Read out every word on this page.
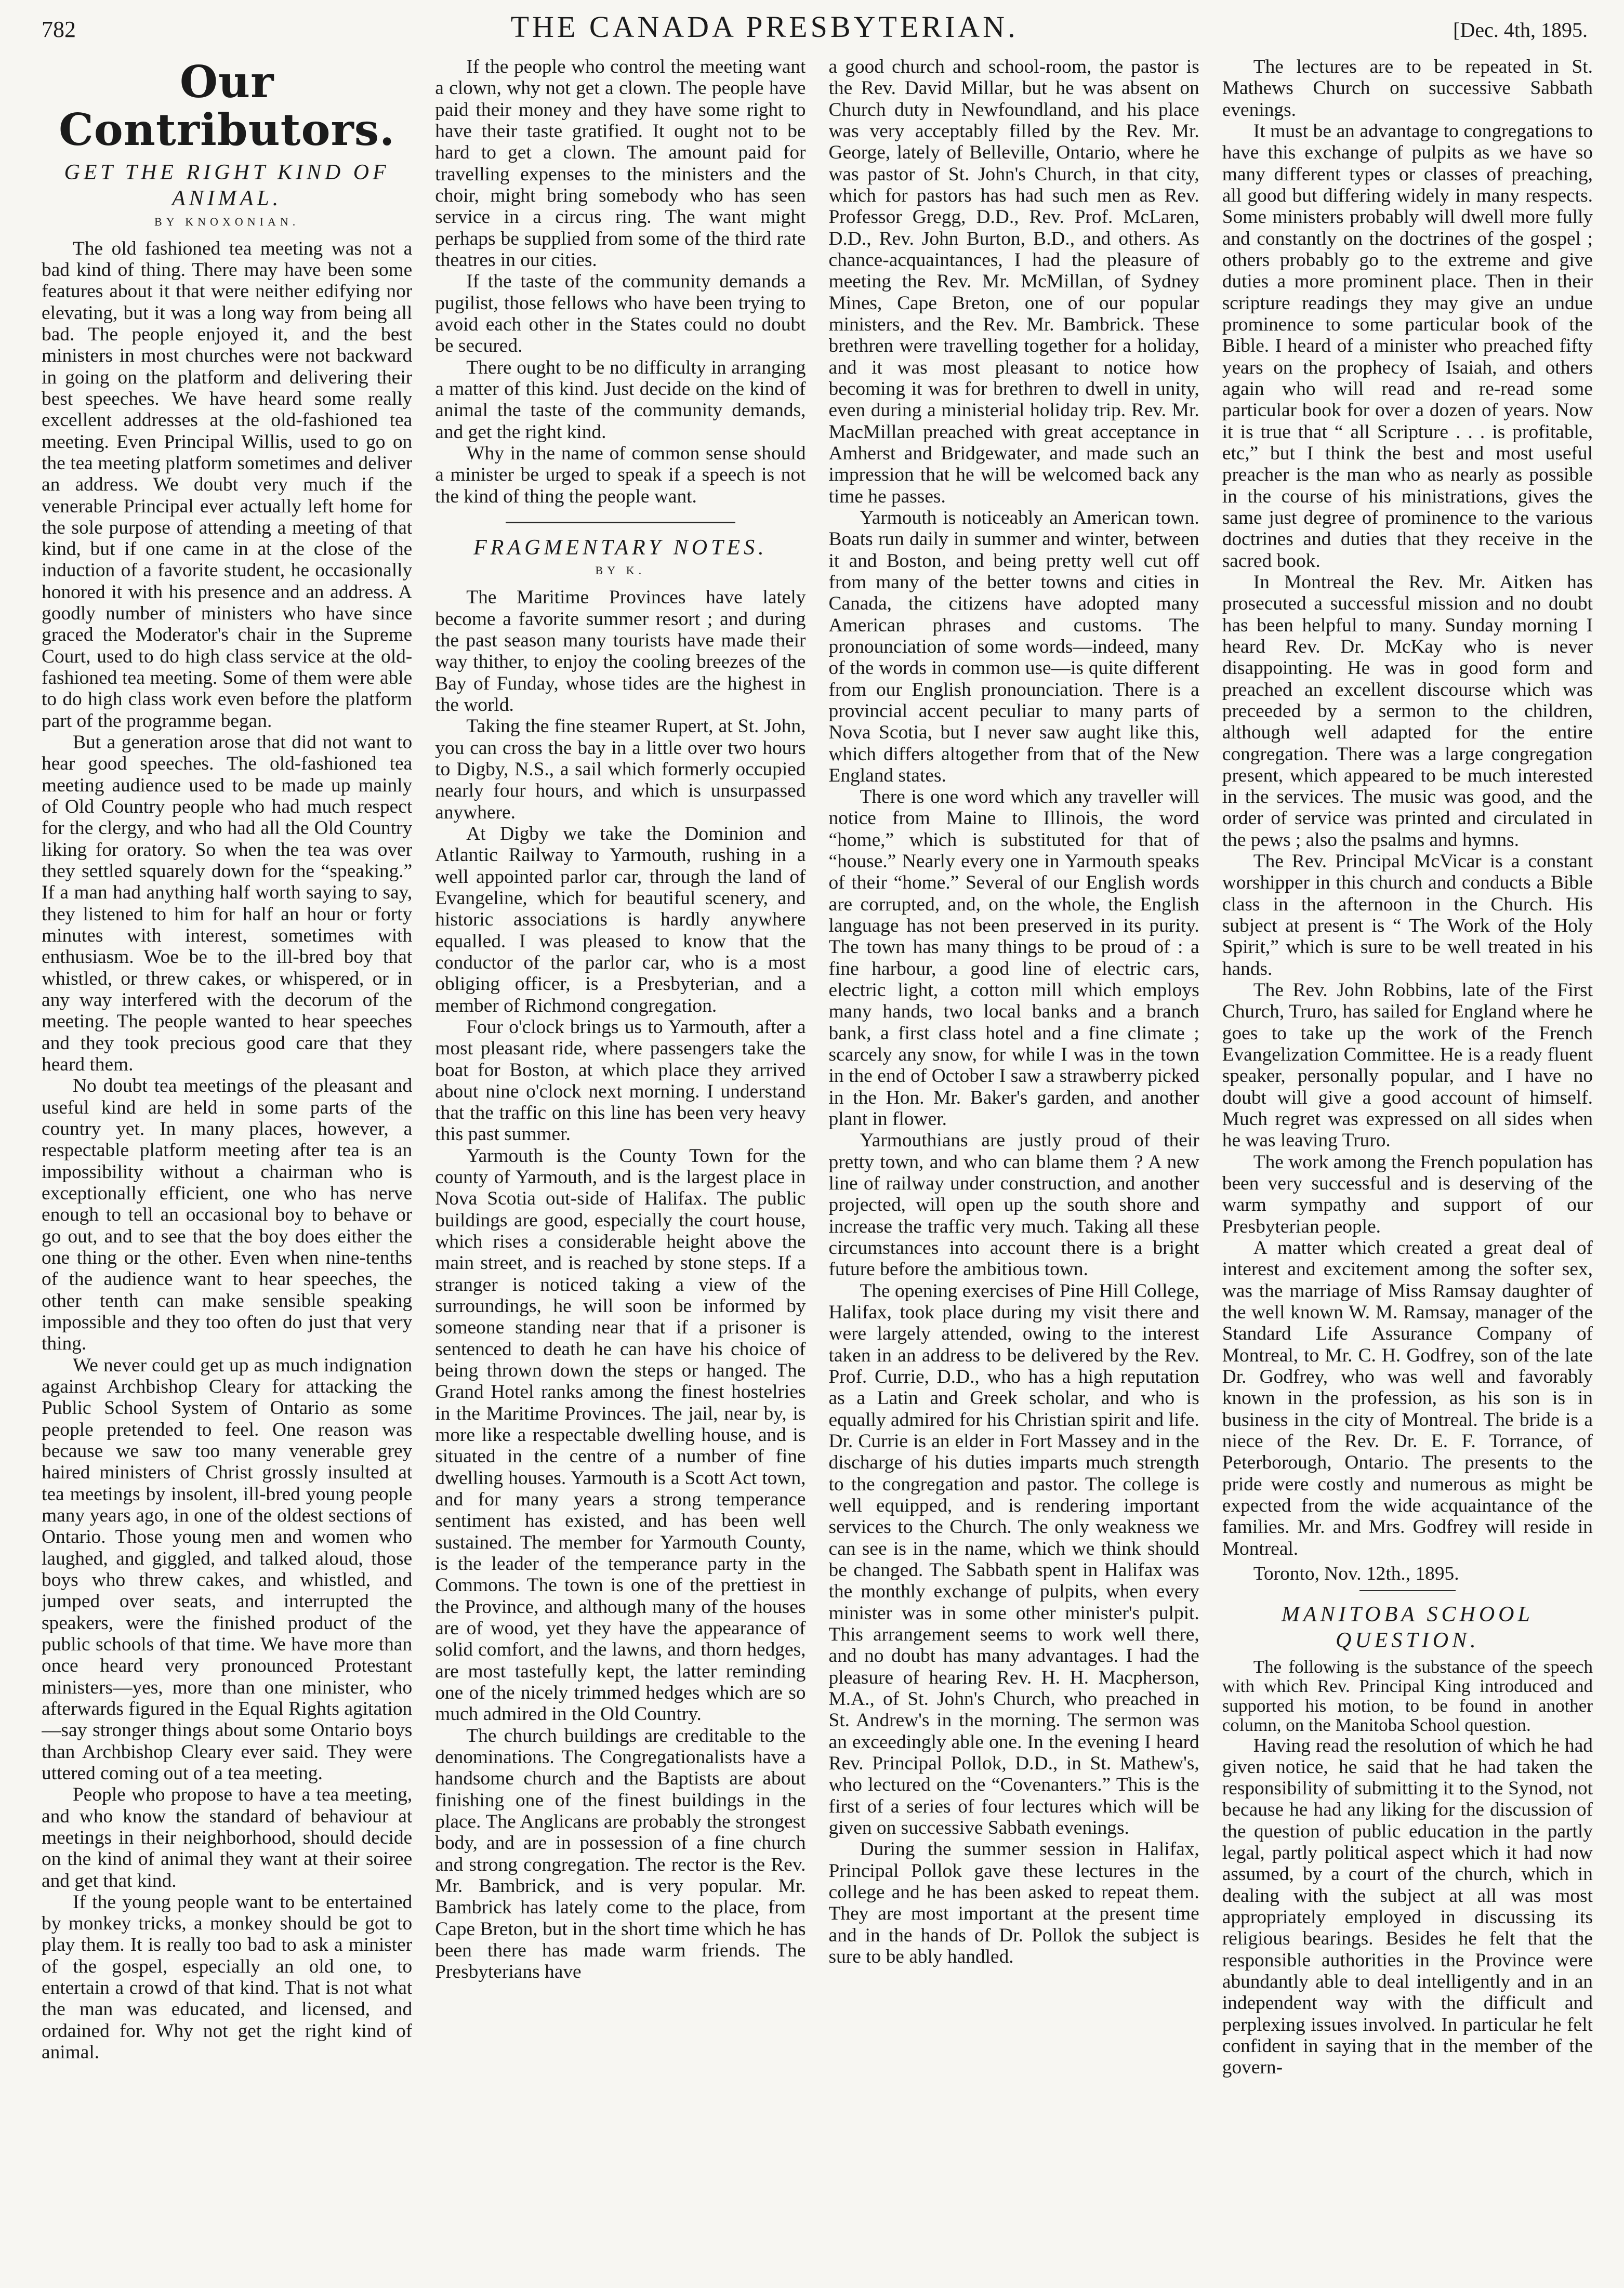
782	THE CANADA PRESBYTERIAN.	[Dec. 4th, 1895.
Our Contributors.
GET THE RIGHT KIND OF ANIMAL.
BY KNOXONIAN.

The old fashioned tea meeting was not a bad kind of thing. There may have been some features about it that were neither edifying nor elevating, but it was a long way from being all bad. The people enjoyed it, and the best ministers in most churches were not backward in going on the platform and delivering their best speeches. We have heard some really excellent addresses at the old-fashioned tea meeting. Even Principal Willis, used to go on the tea meeting platform sometimes and deliver an address. We doubt very much if the venerable Principal ever actually left home for the sole purpose of attending a meeting of that kind, but if one came in at the close of the induction of a favorite student, he occasionally honored it with his presence and an address. A goodly number of ministers who have since graced the Moderator's chair in the Supreme Court, used to do high class service at the old-fashioned tea meeting. Some of them were able to do high class work even before the platform part of the programme began.

But a generation arose that did not want to hear good speeches. The old-fashioned tea meeting audience used to be made up mainly of Old Country people who had much respect for the clergy, and who had all the Old Country liking for oratory. So when the tea was over they settled squarely down for the “speaking.” If a man had anything half worth saying to say, they listened to him for half an hour or forty minutes with interest, sometimes with enthusiasm. Woe be to the ill-bred boy that whistled, or threw cakes, or whispered, or in any way interfered with the decorum of the meeting. The people wanted to hear speeches and they took precious good care that they heard them.

No doubt tea meetings of the pleasant and useful kind are held in some parts of the country yet. In many places, however, a respectable platform meeting after tea is an impossibility without a chairman who is exceptionally efficient, one who has nerve enough to tell an occasional boy to behave or go out, and to see that the boy does either the one thing or the other. Even when nine-tenths of the audience want to hear speeches, the other tenth can make sensible speaking impossible and they too often do just that very thing.

We never could get up as much indignation against Archbishop Cleary for attacking the Public School System of Ontario as some people pretended to feel. One reason was because we saw too many venerable grey haired ministers of Christ grossly insulted at tea meetings by insolent, ill-bred young people many years ago, in one of the oldest sections of Ontario. Those young men and women who laughed, and giggled, and talked aloud, those boys who threw cakes, and whistled, and jumped over seats, and interrupted the speakers, were the finished product of the public schools of that time. We have more than once heard very pronounced Protestant ministers—yes, more than one minister, who afterwards figured in the Equal Rights agitation—say stronger things about some Ontario boys than Archbishop Cleary ever said. They were uttered coming out of a tea meeting.

People who propose to have a tea meeting, and who know the standard of behaviour at meetings in their neighborhood, should decide on the kind of animal they want at their soiree and get that kind.

If the young people want to be entertained by monkey tricks, a monkey should be got to play them. It is really too bad to ask a minister of the gospel, especially an old one, to entertain a crowd of that kind. That is not what the man was educated, and licensed, and ordained for. Why not get the right kind of animal.

If the people who control the meeting want a clown, why not get a clown. The people have paid their money and they have some right to have their taste gratified. It ought not to be hard to get a clown. The amount paid for travelling expenses to the ministers and the choir, might bring somebody who has seen service in a circus ring. The want might perhaps be supplied from some of the third rate theatres in our cities.

If the taste of the community demands a pugilist, those fellows who have been trying to avoid each other in the States could no doubt be secured.

There ought to be no difficulty in arranging a matter of this kind. Just decide on the kind of animal the taste of the community demands, and get the right kind.

Why in the name of common sense should a minister be urged to speak if a speech is not the kind of thing the people want.

FRAGMENTARY NOTES.
BY K.

The Maritime Provinces have lately become a favorite summer resort ; and during the past season many tourists have made their way thither, to enjoy the cooling breezes of the Bay of Funday, whose tides are the highest in the world.

Taking the fine steamer Rupert, at St. John, you can cross the bay in a little over two hours to Digby, N.S., a sail which formerly occupied nearly four hours, and which is unsurpassed anywhere.

At Digby we take the Dominion and Atlantic Railway to Yarmouth, rushing in a well appointed parlor car, through the land of Evangeline, which for beautiful scenery, and historic associations is hardly anywhere equalled. I was pleased to know that the conductor of the parlor car, who is a most obliging officer, is a Presbyterian, and a member of Richmond congregation.

Four o'clock brings us to Yarmouth, after a most pleasant ride, where passengers take the boat for Boston, at which place they arrived about nine o'clock next morning. I understand that the traffic on this line has been very heavy this past summer.

Yarmouth is the County Town for the county of Yarmouth, and is the largest place in Nova Scotia out-side of Halifax. The public buildings are good, especially the court house, which rises a considerable height above the main street, and is reached by stone steps. If a stranger is noticed taking a view of the surroundings, he will soon be informed by someone standing near that if a prisoner is sentenced to death he can have his choice of being thrown down the steps or hanged. The Grand Hotel ranks among the finest hostelries in the Maritime Provinces. The jail, near by, is more like a respectable dwelling house, and is situated in the centre of a number of fine dwelling houses. Yarmouth is a Scott Act town, and for many years a strong temperance sentiment has existed, and has been well sustained. The member for Yarmouth County, is the leader of the temperance party in the Commons. The town is one of the prettiest in the Province, and although many of the houses are of wood, yet they have the appearance of solid comfort, and the lawns, and thorn hedges, are most tastefully kept, the latter reminding one of the nicely trimmed hedges which are so much admired in the Old Country.

The church buildings are creditable to the denominations. The Congregationalists have a handsome church and the Baptists are about finishing one of the finest buildings in the place. The Anglicans are probably the strongest body, and are in possession of a fine church and strong congregation. The rector is the Rev. Mr. Bambrick, and is very popular. Mr. Bambrick has lately come to the place, from Cape Breton, but in the short time which he has been there has made warm friends. The Presbyterians have

a good church and school-room, the pastor is the Rev. David Millar, but he was absent on Church duty in Newfoundland, and his place was very acceptably filled by the Rev. Mr. George, lately of Belleville, Ontario, where he was pastor of St. John's Church, in that city, which for pastors has had such men as Rev. Professor Gregg, D.D., Rev. Prof. McLaren, D.D., Rev. John Burton, B.D., and others. As chance-acquaintances, I had the pleasure of meeting the Rev. Mr. McMillan, of Sydney Mines, Cape Breton, one of our popular ministers, and the Rev. Mr. Bambrick. These brethren were travelling together for a holiday, and it was most pleasant to notice how becoming it was for brethren to dwell in unity, even during a ministerial holiday trip. Rev. Mr. MacMillan preached with great acceptance in Amherst and Bridgewater, and made such an impression that he will be welcomed back any time he passes.

Yarmouth is noticeably an American town. Boats run daily in summer and winter, between it and Boston, and being pretty well cut off from many of the better towns and cities in Canada, the citizens have adopted many American phrases and customs. The pronounciation of some words—indeed, many of the words in common use—is quite different from our English pronounciation. There is a provincial accent peculiar to many parts of Nova Scotia, but I never saw aught like this, which differs altogether from that of the New England states.

There is one word which any traveller will notice from Maine to Illinois, the word “home,” which is substituted for that of “house.” Nearly every one in Yarmouth speaks of their “home.” Several of our English words are corrupted, and, on the whole, the English language has not been preserved in its purity. The town has many things to be proud of : a fine harbour, a good line of electric cars, electric light, a cotton mill which employs many hands, two local banks and a branch bank, a first class hotel and a fine climate ; scarcely any snow, for while I was in the town in the end of October I saw a strawberry picked in the Hon. Mr. Baker's garden, and another plant in flower.

Yarmouthians are justly proud of their pretty town, and who can blame them ? A new line of railway under construction, and another projected, will open up the south shore and increase the traffic very much. Taking all these circumstances into account there is a bright future before the ambitious town.

The opening exercises of Pine Hill College, Halifax, took place during my visit there and were largely attended, owing to the interest taken in an address to be delivered by the Rev. Prof. Currie, D.D., who has a high reputation as a Latin and Greek scholar, and who is equally admired for his Christian spirit and life. Dr. Currie is an elder in Fort Massey and in the discharge of his duties imparts much strength to the congregation and pastor. The college is well equipped, and is rendering important services to the Church. The only weakness we can see is in the name, which we think should be changed. The Sabbath spent in Halifax was the monthly exchange of pulpits, when every minister was in some other minister's pulpit. This arrangement seems to work well there, and no doubt has many advantages. I had the pleasure of hearing Rev. H. H. Macpherson, M.A., of St. John's Church, who preached in St. Andrew's in the morning. The sermon was an exceedingly able one. In the evening I heard Rev. Principal Pollok, D.D., in St. Mathew's, who lectured on the “Covenanters.” This is the first of a series of four lectures which will be given on successive Sabbath evenings.

During the summer session in Halifax, Principal Pollok gave these lectures in the college and he has been asked to repeat them. They are most important at the present time and in the hands of Dr. Pollok the subject is sure to be ably handled.

The lectures are to be repeated in St. Mathews Church on successive Sabbath evenings.

It must be an advantage to congregations to have this exchange of pulpits as we have so many different types or classes of preaching, all good but differing widely in many respects. Some ministers probably will dwell more fully and constantly on the doctrines of the gospel ; others probably go to the extreme and give duties a more prominent place. Then in their scripture readings they may give an undue prominence to some particular book of the Bible. I heard of a minister who preached fifty years on the prophecy of Isaiah, and others again who will read and re-read some particular book for over a dozen of years. Now it is true that “ all Scripture . . . is profitable, etc,” but I think the best and most useful preacher is the man who as nearly as possible in the course of his ministrations, gives the same just degree of prominence to the various doctrines and duties that they receive in the sacred book.

In Montreal the Rev. Mr. Aitken has prosecuted a successful mission and no doubt has been helpful to many. Sunday morning I heard Rev. Dr. McKay who is never disappointing. He was in good form and preached an excellent discourse which was preceeded by a sermon to the children, although well adapted for the entire congregation. There was a large congregation present, which appeared to be much interested in the services. The music was good, and the order of service was printed and circulated in the pews ; also the psalms and hymns.

The Rev. Principal McVicar is a constant worshipper in this church and conducts a Bible class in the afternoon in the Church. His subject at present is “ The Work of the Holy Spirit,” which is sure to be well treated in his hands.

The Rev. John Robbins, late of the First Church, Truro, has sailed for England where he goes to take up the work of the French Evangelization Committee. He is a ready fluent speaker, personally popular, and I have no doubt will give a good account of himself. Much regret was expressed on all sides when he was leaving Truro.

The work among the French population has been very successful and is deserving of the warm sympathy and support of our Presbyterian people.

A matter which created a great deal of interest and excitement among the softer sex, was the marriage of Miss Ramsay daughter of the well known W. M. Ramsay, manager of the Standard Life Assurance Company of Montreal, to Mr. C. H. Godfrey, son of the late Dr. Godfrey, who was well and favorably known in the profession, as his son is in business in the city of Montreal. The bride is a niece of the Rev. Dr. E. F. Torrance, of Peterborough, Ontario. The presents to the pride were costly and numerous as might be expected from the wide acquaintance of the families. Mr. and Mrs. Godfrey will reside in Montreal.

Toronto, Nov. 12th., 1895.
MANITOBA SCHOOL QUESTION.

The following is the substance of the speech with which Rev. Principal King introduced and supported his motion, to be found in another column, on the Manitoba School question.

Having read the resolution of which he had given notice, he said that he had taken the responsibility of submitting it to the Synod, not because he had any liking for the discussion of the question of public education in the partly legal, partly political aspect which it had now assumed, by a court of the church, which in dealing with the subject at all was most appropriately employed in discussing its religious bearings. Besides he felt that the responsible authorities in the Province were abundantly able to deal intelligently and in an independent way with the difficult and perplexing issues involved. In particular he felt confident in saying that in the member of the govern-
